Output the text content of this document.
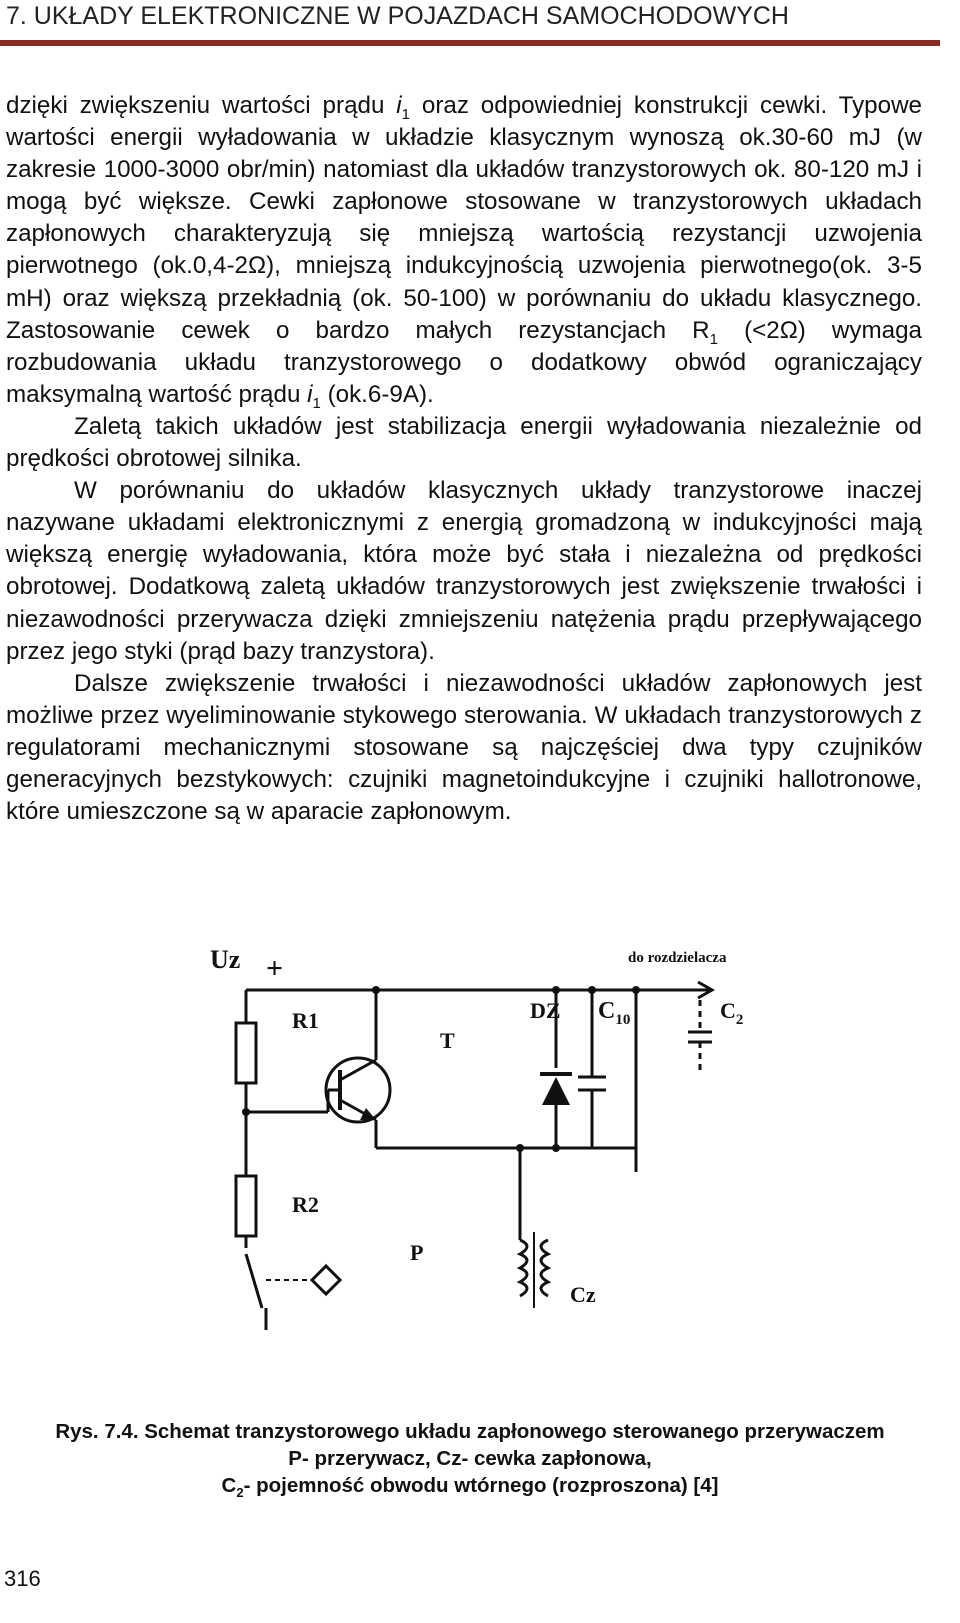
7. UKŁADY ELEKTRONICZNE W POJAZDACH SAMOCHODOWYCH

dzięki zwiększeniu wartości prądu $i_1$ oraz odpowiedniej konstrukcji cewki. Typowe wartości energii wyładowania w układzie klasycznym wynoszą ok.30-60 mJ (w zakresie 1000-3000 obr/min) natomiast dla układów tranzystorowych ok. 80-120 mJ i mogą być większe. Cewki zapłonowe stosowane w tranzystorowych układach zapłonowych charakteryzują się mniejszą wartością rezystancji uzwojenia pierwotnego (ok.0,4-2Ω), mniejszą indukcyjnością uzwojenia pierwotnego(ok. 3-5 mH) oraz większą przekładnią (ok. 50-100) w porównaniu do układu klasycznego. Zastosowanie cewek o bardzo małych rezystancjach $R_1$ (<2Ω) wymaga rozbudowania układu tranzystorowego o dodatkowy obwód ograniczający maksymalną wartość prądu $i_1$ (ok.6-9A).

Zaletą takich układów jest stabilizacja energii wyładowania niezależnie od prędkości obrotowej silnika.

W porównaniu do układów klasycznych układy tranzystorowe inaczej nazywane układami elektronicznymi z energią gromadzoną w indukcyjności mają większą energię wyładowania, która może być stała i niezależna od prędkości obrotowej. Dodatkową zaletą układów tranzystorowych jest zwiększenie trwałości i niezawodności przerywacza dzięki zmniejszeniu natężenia prądu przepływającego przez jego styki (prąd bazy tranzystora).

Dalsze zwiększenie trwałości i niezawodności układów zapłonowych jest możliwe przez wyeliminowanie stykowego sterowania. W układach tranzystorowych z regulatorami mechanicznymi stosowane są najczęściej dwa typy czujników generacyjnych bezstykowych: czujniki magnetoindukcyjne i czujniki hallotronowe, które umieszczone są w aparacie zapłonowym.

Uz +
R1
R2
T
DZ $C_{10}$	$C_2$
P
Cz
do rozdzielacza
Rys. 7.4. Schemat tranzystorowego układu zapłonowego sterowanego przerywaczem
P- przerywacz, Cz- cewka zapłonowa,
$C_2-$ pojemność obwodu wtórnego (rozproszona) [4]
316
